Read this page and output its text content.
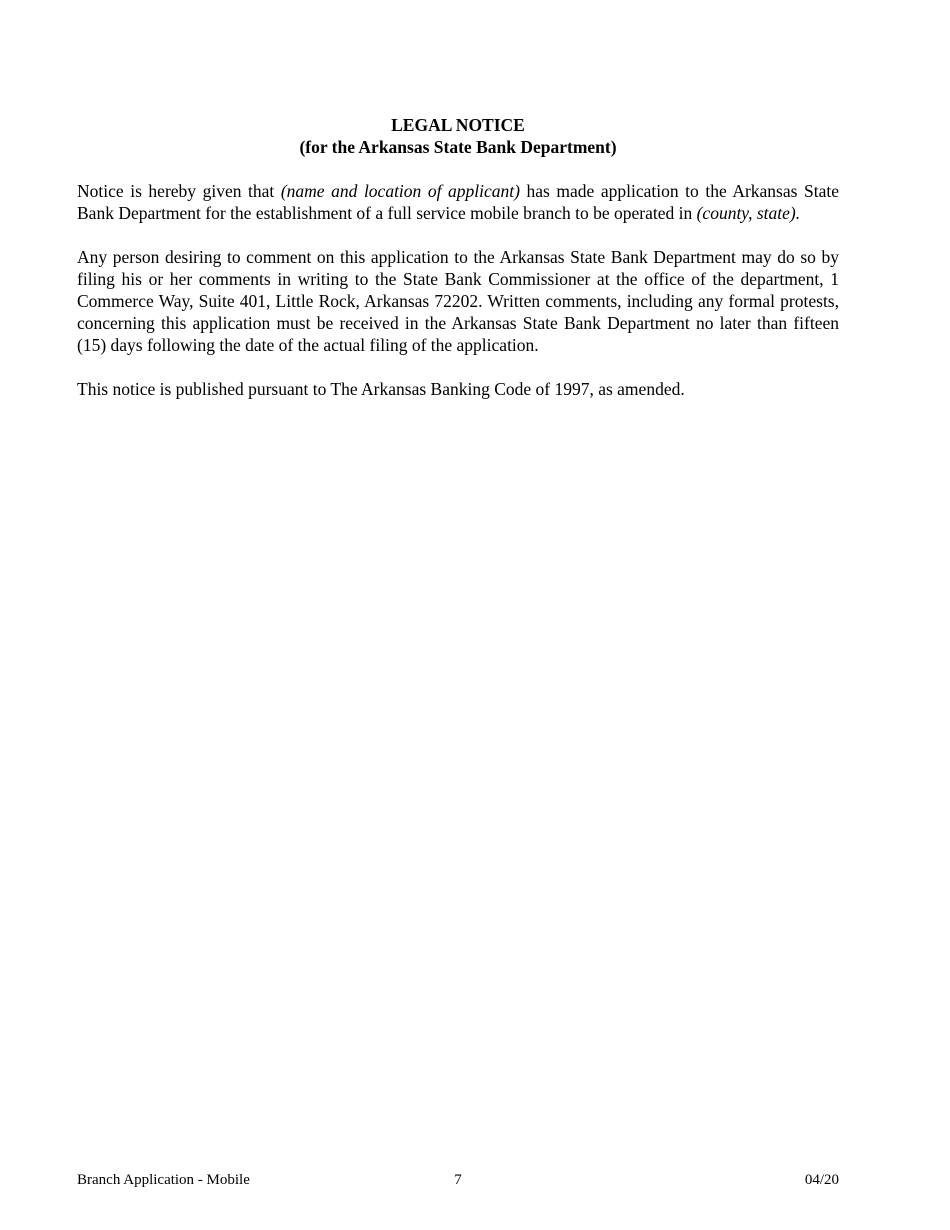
LEGAL NOTICE
(for the Arkansas State Bank Department)

Notice is hereby given that (name and location of applicant) has made application to the Arkansas State Bank Department for the establishment of a full service mobile branch to be operated in (county, state).

Any person desiring to comment on this application to the Arkansas State Bank Department may do so by filing his or her comments in writing to the State Bank Commissioner at the office of the department, 1 Commerce Way, Suite 401, Little Rock, Arkansas 72202. Written comments, including any formal protests, concerning this application must be received in the Arkansas State Bank Department no later than fifteen (15) days following the date of the actual filing of the application.

This notice is published pursuant to The Arkansas Banking Code of 1997, as amended.

Branch Application - Mobile	7	04/20
